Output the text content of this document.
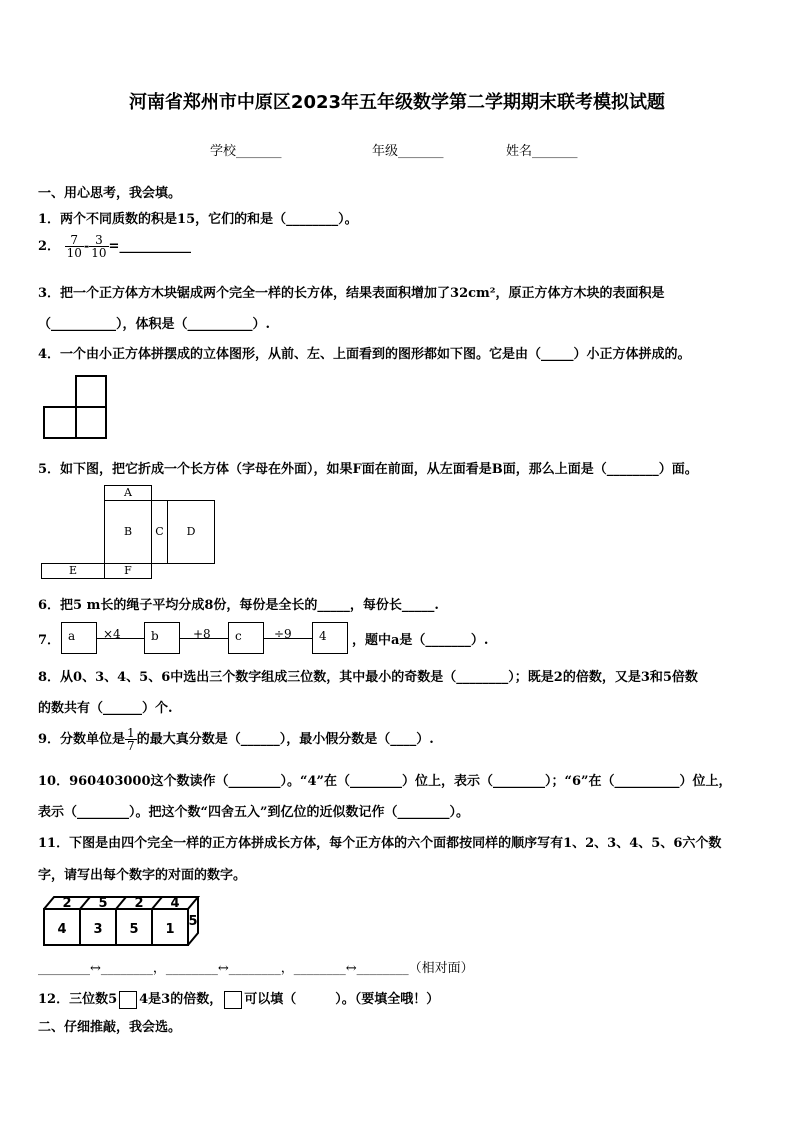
河南省郑州市中原区2023年五年级数学第二学期期末联考模拟试题
学校_______	年级_______	姓名_______
一、用心思考，我会填。
1．两个不同质数的积是15，它们的和是（________）。
2． $\frac{7}{10} - \frac{3}{10}$ =___________
3．把一个正方体方木块锯成两个完全一样的长方体，结果表面积增加了32cm²，原正方体方木块的表面积是
（__________），体积是（__________）.
4．一个由小正方体拼摆成的立体图形，从前、左、上面看到的图形都如下图。它是由（_____）小正方体拼成的。
5．如下图，把它折成一个长方体（字母在外面），如果F面在前面，从左面看是B面，那么上面是（________）面。
A
B	C	D
E	F
6．把5 m长的绳子平均分成8份，每份是全长的_____，每份长_____.
7． a	×4	b	+8	c	÷9	4	，题中a是（_______）.
8．从0、3、4、5、6中选出三个数字组成三位数，其中最小的奇数是（________）；既是2的倍数，又是3和5倍数
的数共有（______）个.
9．分数单位是 $\frac{1}{7}$ 的最大真分数是（______），最小假分数是（____）.
10．960403000这个数读作（________）。“4”在（________）位上，表示（________）；“6”在（__________）位上，
表示（________）。把这个数“四舍五入”到亿位的近似数记作（________）。
11．下图是由四个完全一样的正方体拼成长方体，每个正方体的六个面都按同样的顺序写有1、2、3、4、5、6六个数
字，请写出每个数字的对面的数字。
2 5 2 4
4 3 5 1
5
________↔________，________↔________，________↔________（相对面）
12．三位数5 4是3的倍数， 可以填（　　　）。（要填全哦！）
二、仔细推敲，我会选。
